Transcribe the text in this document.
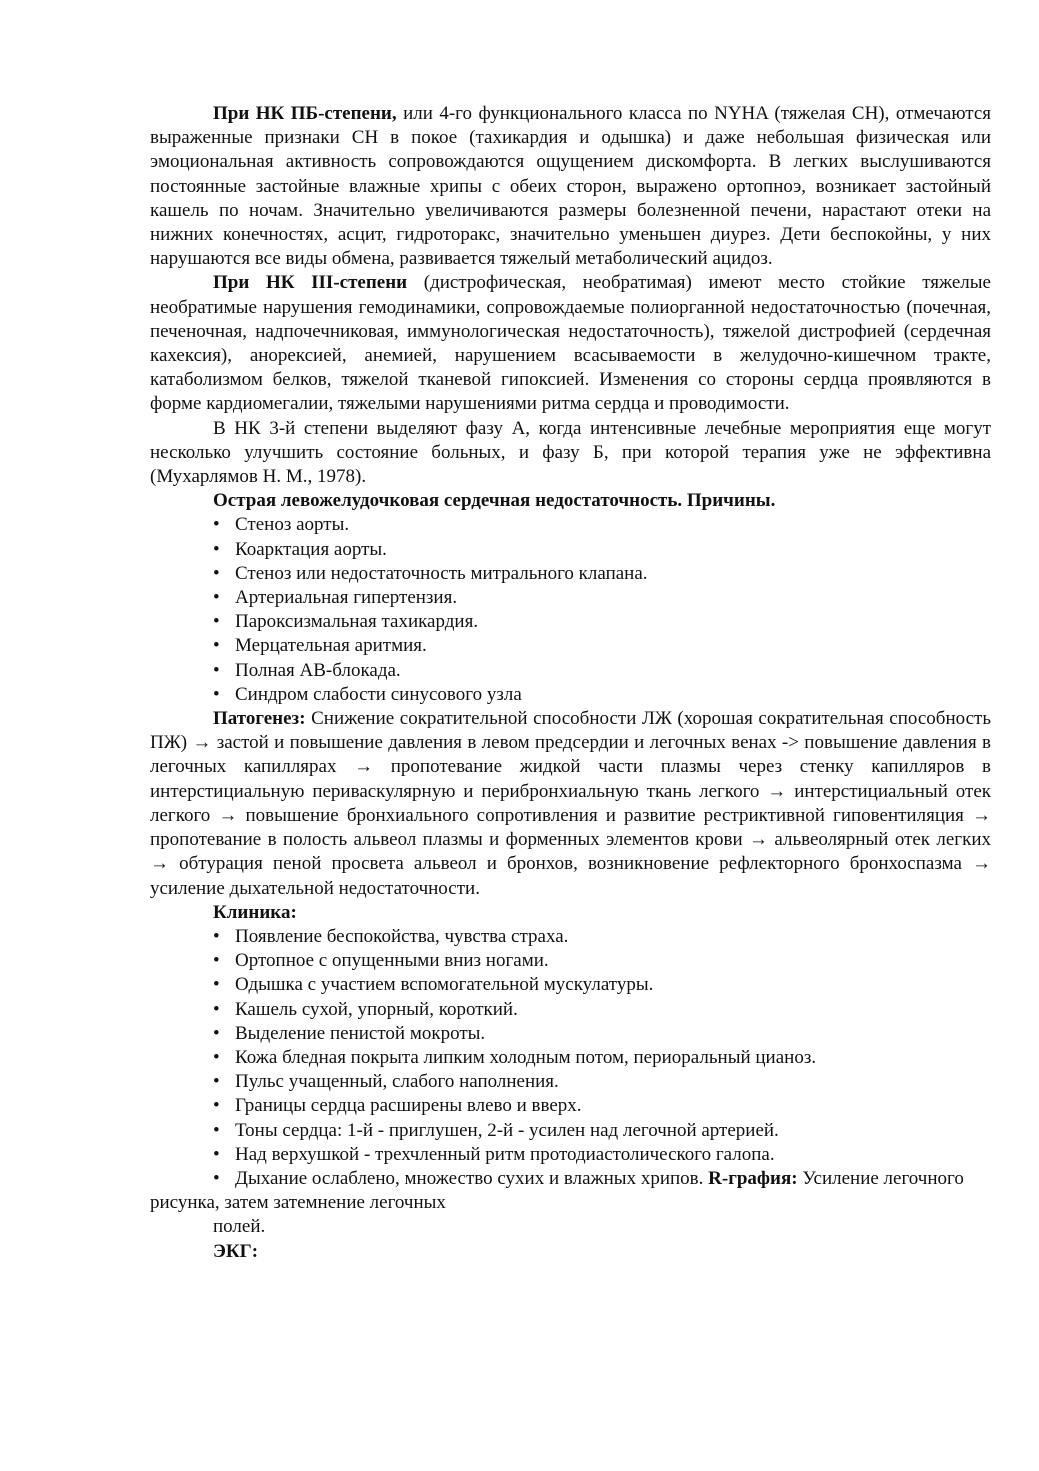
При НК ПБ-степени, или 4-го функционального класса по NYHA (тяжелая СН), отмечаются выраженные признаки СН в покое (тахикардия и одышка) и даже небольшая физическая или эмоциональная активность сопровождаются ощущением дискомфорта. В легких выслушиваются постоянные застойные влажные хрипы с обеих сторон, выражено ортопноэ, возникает застойный кашель по ночам. Значительно увеличиваются размеры болезненной печени, нарастают отеки на нижних конечностях, асцит, гидроторакс, значительно уменьшен диурез. Дети беспокойны, у них нарушаются все виды обмена, развивается тяжелый метаболический ацидоз.

При НК III-степени (дистрофическая, необратимая) имеют место стойкие тяжелые необратимые нарушения гемодинамики, сопровождаемые полиорганной недостаточностью (почечная, печеночная, надпочечниковая, иммунологическая недостаточность), тяжелой дистрофией (сердечная кахексия), анорексией, анемией, нарушением всасываемости в желудочно-кишечном тракте, катаболизмом белков, тяжелой тканевой гипоксией. Изменения со стороны сердца проявляются в форме кардиомегалии, тяжелыми нарушениями ритма сердца и проводимости.

В НК 3-й степени выделяют фазу А, когда интенсивные лечебные мероприятия еще могут несколько улучшить состояние больных, и фазу Б, при которой терапия уже не эффективна (Мухарлямов Н. М., 1978).

Острая левожелудочковая сердечная недостаточность. Причины.

• Стеноз аорты.
• Коарктация аорты.
• Стеноз или недостаточность митрального клапана.
• Артериальная гипертензия.
• Пароксизмальная тахикардия.
• Мерцательная аритмия.
• Полная АВ-блокада.
• Синдром слабости синусового узла

Патогенез: Снижение сократительной способности ЛЖ (хорошая сократительная способность ПЖ) → застой и повышение давления в левом предсердии и легочных венах -> повышение давления в легочных капиллярах → пропотевание жидкой части плазмы через стенку капилляров в интерстициальную периваскулярную и перибронхиальную ткань легкого → интерстициальный отек легкого → повышение бронхиального сопротивления и развитие рестриктивной гиповентиляция → пропотевание в полость альвеол плазмы и форменных элементов крови → альвеолярный отек легких → обтурация пеной просвета альвеол и бронхов, возникновение рефлекторного бронхоспазма → усиление дыхательной недостаточности.

Клиника:

• Появление беспокойства, чувства страха.
• Ортопное с опущенными вниз ногами.
• Одышка с участием вспомогательной мускулатуры.
• Кашель сухой, упорный, короткий.
• Выделение пенистой мокроты.
• Кожа бледная покрыта липким холодным потом, периоральный цианоз.
• Пульс учащенный, слабого наполнения.
• Границы сердца расширены влево и вверх.
• Тоны сердца: 1-й - приглушен, 2-й - усилен над легочной артерией.
• Над верхушкой - трехчленный ритм протодиастолического галопа.

• Дыхание ослаблено, множество сухих и влажных хрипов. R-графия: Усиление легочного рисунка, затем затемнение легочных

полей.

ЭКГ:
